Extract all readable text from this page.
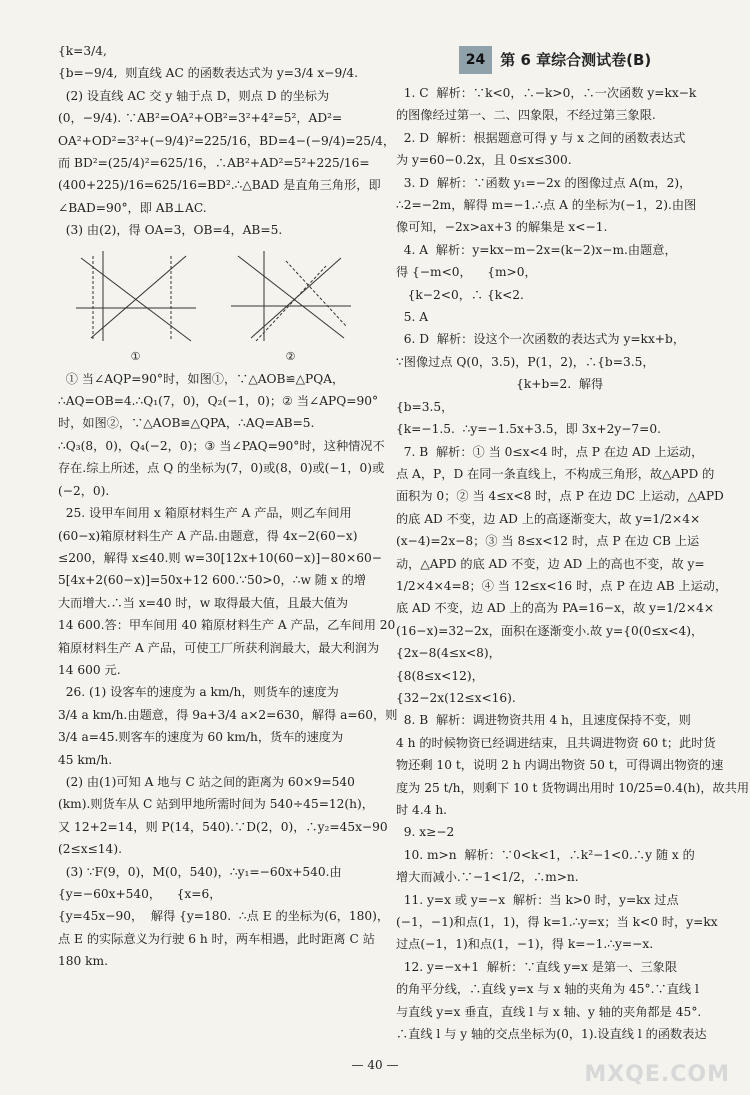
{k=3/4,
{b=−9/4,  则直线 AC 的函数表达式为 y=3/4 x−9/4.
(2) 设直线 AC 交 y 轴于点 D，则点 D 的坐标为
(0，−9/4). ∵AB²=OA²+OB²=3²+4²=5²，AD²=
OA²+OD²=3²+(−9/4)²=225/16，BD=4−(−9/4)=25/4，
而 BD²=(25/4)²=625/16，∴AB²+AD²=5²+225/16=
(400+225)/16=625/16=BD².∴△BAD 是直角三角形，即
∠BAD=90°，即 AB⊥AC.
(3) 由(2)，得 OA=3，OB=4，AB=5.
①	②
① 当∠AQP=90°时，如图①，∵△AOB≌△PQA，
∴AQ=OB=4.∴Q₁(7，0)，Q₂(−1，0)；② 当∠APQ=90°
时，如图②，∵△AOB≌△QPA，∴AQ=AB=5.
∴Q₃(8，0)，Q₄(−2，0)；③ 当∠PAQ=90°时，这种情况不
存在.综上所述，点 Q 的坐标为(7，0)或(8，0)或(−1，0)或
(−2，0).
25. 设甲车间用 x 箱原材料生产 A 产品，则乙车间用
(60−x)箱原材料生产 A 产品.由题意，得 4x−2(60−x)
≤200，解得 x≤40.则 w=30[12x+10(60−x)]−80×60−
5[4x+2(60−x)]=50x+12 600.∵50>0，∴w 随 x 的增
大而增大.∴当 x=40 时，w 取得最大值，且最大值为
14 600.答：甲车间用 40 箱原材料生产 A 产品，乙车间用 20
箱原材料生产 A 产品，可使工厂所获利润最大，最大利润为
14 600 元.
26. (1) 设客车的速度为 a km/h，则货车的速度为
3/4 a km/h.由题意，得 9a+3/4 a×2=630，解得 a=60，则
3/4 a=45.则客车的速度为 60 km/h，货车的速度为
45 km/h.
(2) 由(1)可知 A 地与 C 站之间的距离为 60×9=540
(km).则货车从 C 站到甲地所需时间为 540÷45=12(h)，
又 12+2=14，则 P(14，540).∵D(2，0)，∴y₂=45x−90
(2≤x≤14).
(3) ∵F(9，0)，M(0，540)，∴y₁=−60x+540.由
{y=−60x+540，    {x=6，
{y=45x−90，  解得 {y=180.  ∴点 E 的坐标为(6，180)，
点 E 的实际意义为行驶 6 h 时，两车相遇，此时距离 C 站
180 km.
24	第 6 章综合测试卷(B)
1. C  解析：∵k<0，∴−k>0，∴一次函数 y=kx−k
的图像经过第一、二、四象限，不经过第三象限.
2. D  解析：根据题意可得 y 与 x 之间的函数表达式
为 y=60−0.2x，且 0≤x≤300.
3. D  解析：∵函数 y₁=−2x 的图像过点 A(m，2)，
∴2=−2m，解得 m=−1.∴点 A 的坐标为(−1，2).由图
像可知，−2x>ax+3 的解集是 x<−1.
4. A  解析：y=kx−m−2x=(k−2)x−m.由题意，
得 {−m<0，    {m>0，
{k−2<0，∴ {k<2.
5. A
6. D  解析：设这个一次函数的表达式为 y=kx+b，
∵图像过点 Q(0，3.5)，P(1，2)，∴{b=3.5，
{k+b=2.  解得
{b=3.5，
{k=−1.5.  ∴y=−1.5x+3.5，即 3x+2y−7=0.
7. B  解析：① 当 0≤x<4 时，点 P 在边 AD 上运动，
点 A，P，D 在同一条直线上，不构成三角形，故△APD 的
面积为 0；② 当 4≤x<8 时，点 P 在边 DC 上运动，△APD
的底 AD 不变，边 AD 上的高逐渐变大，故 y=1/2×4×
(x−4)=2x−8；③ 当 8≤x<12 时，点 P 在边 CB 上运
动，△APD 的底 AD 不变，边 AD 上的高也不变，故 y=
1/2×4×4=8；④ 当 12≤x<16 时，点 P 在边 AB 上运动，
底 AD 不变，边 AD 上的高为 PA=16−x，故 y=1/2×4×
(16−x)=32−2x，面积在逐渐变小.故 y={0(0≤x<4)，
{2x−8(4≤x<8)，
{8(8≤x<12)，
{32−2x(12≤x<16).
8. B  解析：调进物资共用 4 h，且速度保持不变，则
4 h 的时候物资已经调进结束，且共调进物资 60 t；此时货
物还剩 10 t，说明 2 h 内调出物资 50 t，可得调出物资的速
度为 25 t/h，则剩下 10 t 货物调出用时 10/25=0.4(h)，故共用
时 4.4 h.
9. x≥−2
10. m>n  解析：∵0<k<1，∴k²−1<0.∴y 随 x 的
增大而减小.∵−1<1/2，∴m>n.
11. y=x 或 y=−x  解析：当 k>0 时，y=kx 过点
(−1，−1)和点(1，1)，得 k=1.∴y=x；当 k<0 时，y=kx
过点(−1，1)和点(1，−1)，得 k=−1.∴y=−x.
12. y=−x+1  解析：∵直线 y=x 是第一、三象限
的角平分线，∴直线 y=x 与 x 轴的夹角为 45°.∵直线 l
与直线 y=x 垂直，直线 l 与 x 轴、y 轴的夹角都是 45°.
∴直线 l 与 y 轴的交点坐标为(0，1).设直线 l 的函数表达
— 40 —	MXQE.COM
